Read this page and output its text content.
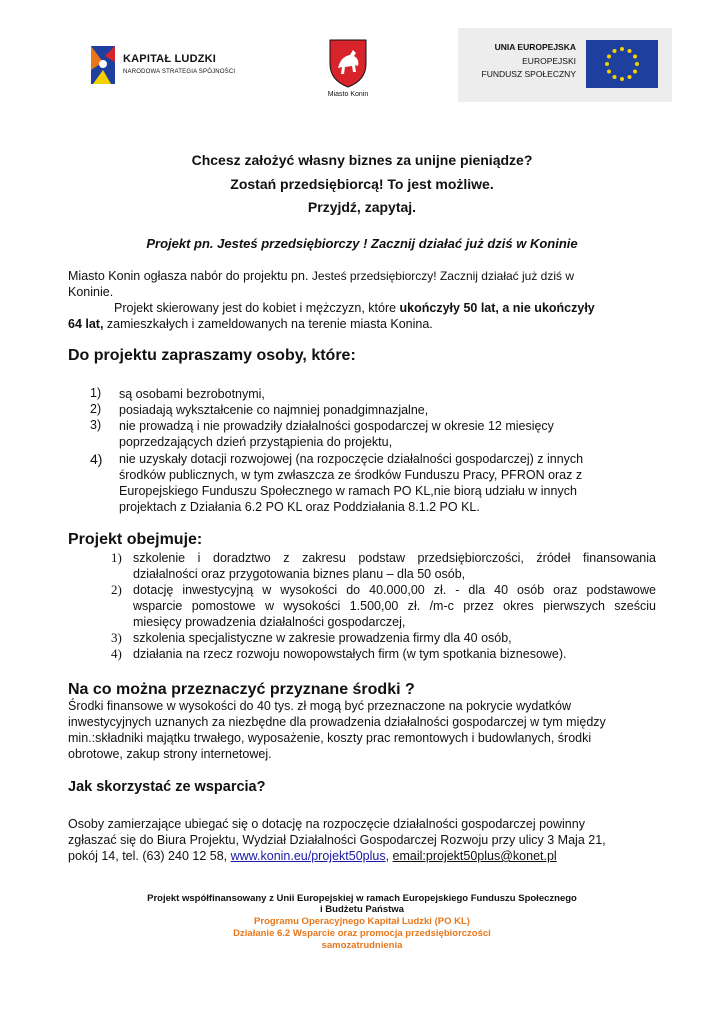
KAPITAŁ LUDZKI
NARODOWA STRATEGIA SPÓJNOŚCI
Miasto Konin
UNIA EUROPEJSKA
EUROPEJSKI
FUNDUSZ SPOŁECZNY
Chcesz założyć własny biznes za unijne pieniądze?
Zostań przedsiębiorcą! To jest możliwe.
Przyjdź, zapytaj.
Projekt pn. Jesteś przedsiębiorczy ! Zacznij działać już dziś w Koninie
Miasto Konin ogłasza nabór do projektu pn. Jesteś przedsiębiorczy! Zacznij działać już dziś w
Koninie.
Projekt skierowany jest do kobiet i mężczyzn, które ukończyły 50 lat, a nie ukończyły
64 lat, zamieszkałych i zameldowanych na terenie miasta Konina.
Do projektu zapraszamy osoby, które:
1) są osobami bezrobotnymi,
2) posiadają wykształcenie co najmniej ponadgimnazjalne,
3) nie prowadzą i nie prowadziły działalności gospodarczej w okresie 12 miesięcy
poprzedzających dzień przystąpienia do projektu,
4) nie uzyskały dotacji rozwojowej (na rozpoczęcie działalności gospodarczej) z innych
środków publicznych, w tym zwłaszcza ze środków Funduszu Pracy, PFRON oraz z
Europejskiego Funduszu Społecznego w ramach PO KL,nie biorą udziału w innych
projektach z Działania 6.2 PO KL oraz Poddziałania 8.1.2 PO KL.
Projekt obejmuje:
1) szkolenie i doradztwo z zakresu podstaw przedsiębiorczości, źródeł finansowania
działalności oraz przygotowania biznes planu – dla 50 osób,
2) dotację inwestycyjną w wysokości do 40.000,00 zł. - dla 40 osób oraz podstawowe
wsparcie pomostowe w wysokości 1.500,00 zł. /m-c przez okres pierwszych sześciu
miesięcy prowadzenia działalności gospodarczej,
3) szkolenia specjalistyczne w zakresie prowadzenia firmy dla 40 osób,
4) działania na rzecz rozwoju nowopowstałych firm (w tym spotkania biznesowe).
Na co można przeznaczyć przyznane środki ?
Środki finansowe w wysokości do 40 tys. zł mogą być przeznaczone na pokrycie wydatków
inwestycyjnych uznanych za niezbędne dla prowadzenia działalności gospodarczej w tym między
min.:składniki majątku trwałego, wyposażenie, koszty prac remontowych i budowlanych, środki
obrotowe, zakup strony internetowej.
Jak skorzystać ze wsparcia?
Osoby zamierzające ubiegać się o dotację na rozpoczęcie działalności gospodarczej powinny
zgłaszać się do Biura Projektu, Wydział Działalności Gospodarczej Rozwoju przy ulicy 3 Maja 21,
pokój 14, tel. (63) 240 12 58, www.konin.eu/projekt50plus, email:projekt50plus@konet.pl
Projekt współfinansowany z Unii Europejskiej w ramach Europejskiego Funduszu Społecznego
i Budżetu Państwa
Programu Operacyjnego Kapitał Ludzki (PO KL)
Działanie 6.2 Wsparcie oraz promocja przedsiębiorczości
samozatrudnienia
